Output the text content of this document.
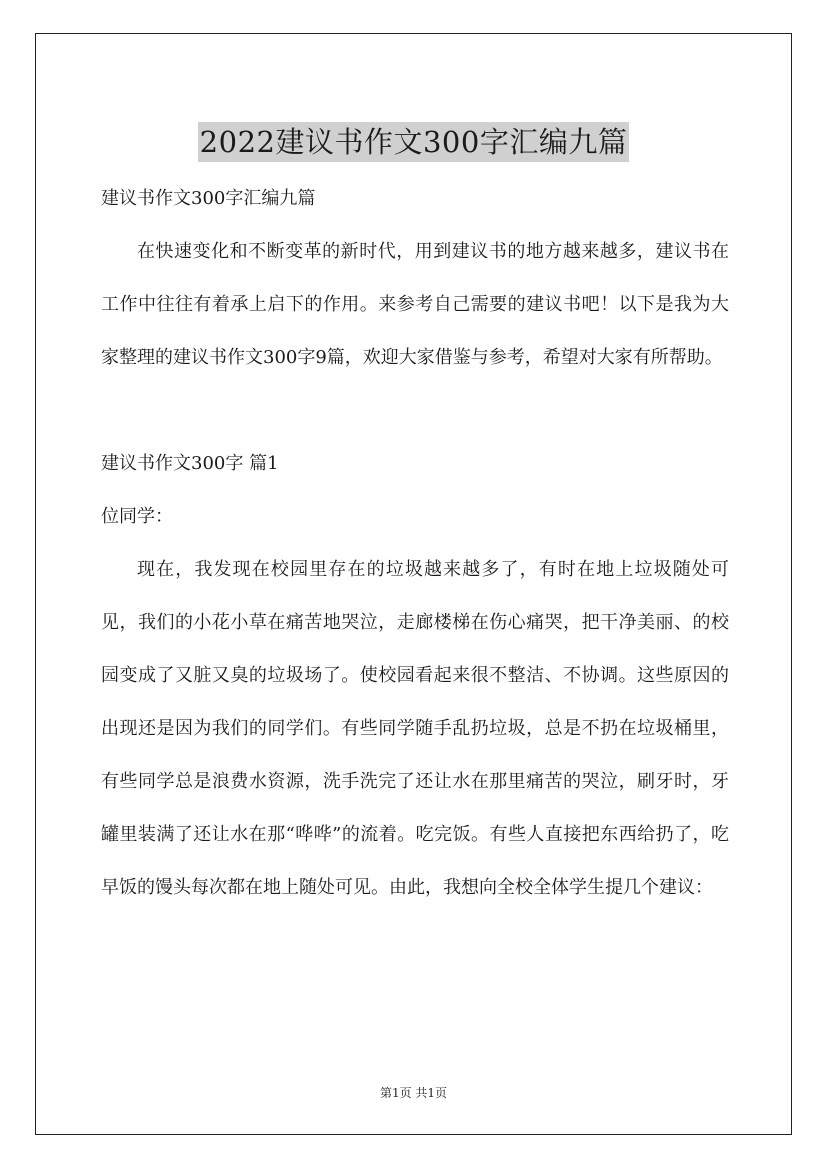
2022建议书作文300字汇编九篇

建议书作文300字汇编九篇

在快速变化和不断变革的新时代，用到建议书的地方越来越多，建议书在工作中往往有着承上启下的作用。来参考自己需要的建议书吧！以下是我为大家整理的建议书作文300字9篇，欢迎大家借鉴与参考，希望对大家有所帮助。

建议书作文300字 篇1

位同学：

现在，我发现在校园里存在的垃圾越来越多了，有时在地上垃圾随处可见，我们的小花小草在痛苦地哭泣，走廊楼梯在伤心痛哭，把干净美丽、的校园变成了又脏又臭的垃圾场了。使校园看起来很不整洁、不协调。这些原因的出现还是因为我们的同学们。有些同学随手乱扔垃圾，总是不扔在垃圾桶里，有些同学总是浪费水资源，洗手洗完了还让水在那里痛苦的哭泣，刷牙时，牙罐里装满了还让水在那“哗哗”的流着。吃完饭。有些人直接把东西给扔了，吃早饭的馒头每次都在地上随处可见。由此，我想向全校全体学生提几个建议：

第1页 共1页
